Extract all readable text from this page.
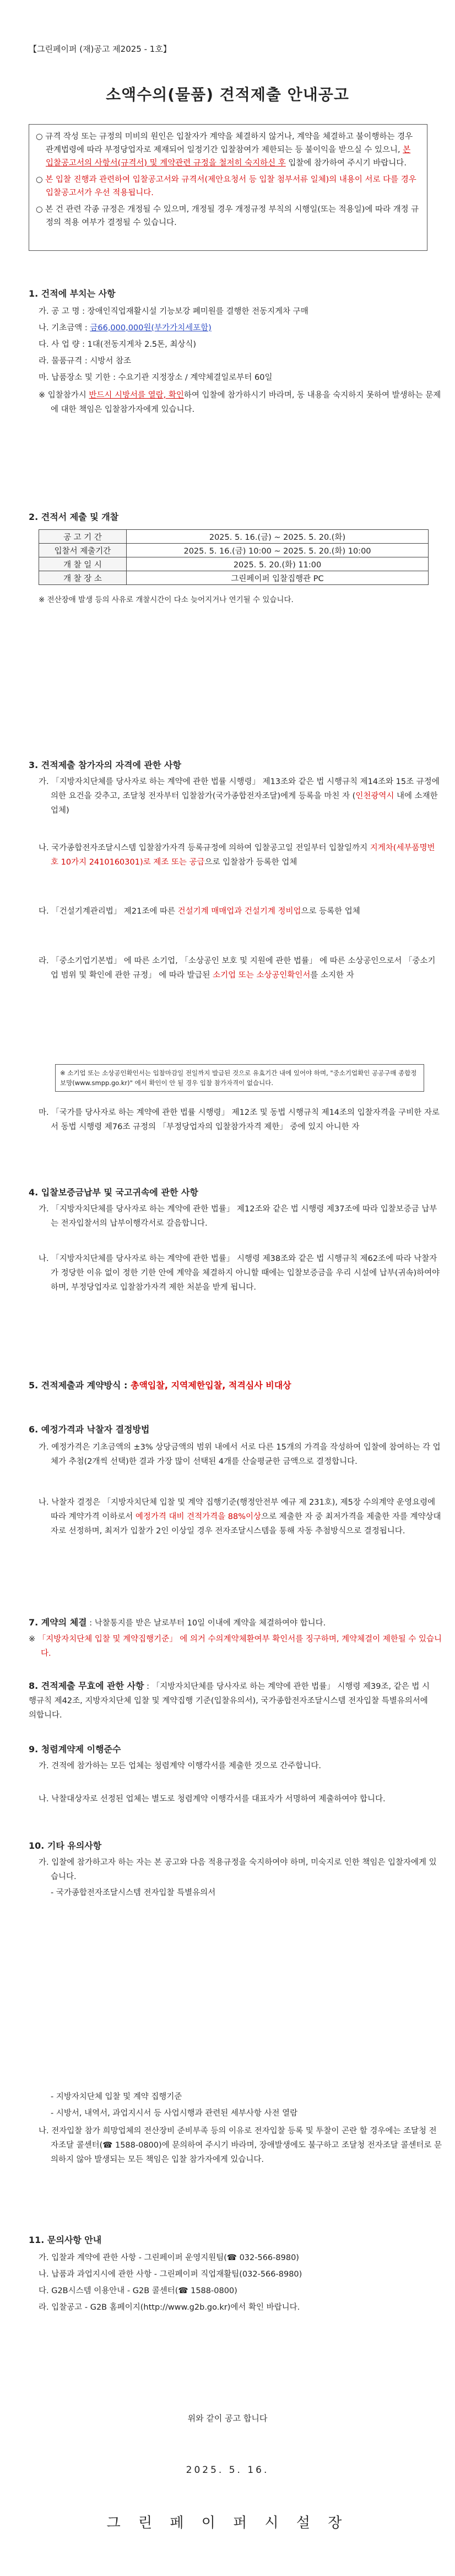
【그린페이퍼 (재)공고 제2025 - 1호】
소액수의(물품) 견적제출 안내공고

○ 규격 작성 또는 규정의 미비의 원인은 입찰자가 계약을 체결하지 않거나, 계약을 체결하고 불이행하는 경우 관계법령에 따라 부정당업자로 제재되어 일정기간 입찰참여가 제한되는 등 불이익을 받으실 수 있으니, 본 입찰공고서의 사항서(규격서) 및 계약관련 규정을 철저히 숙지하신 후 입찰에 참가하여 주시기 바랍니다.

○ 본 입찰 진행과 관련하여 입찰공고서와 규격서(제안요청서 등 입찰 첨부서류 일체)의 내용이 서로 다를 경우 입찰공고서가 우선 적용됩니다.

○ 본 건 관련 각종 규정은 개정될 수 있으며, 개정될 경우 개정규정 부칙의 시행일(또는 적용일)에 따라 개정 규정의 적용 여부가 결정될 수 있습니다.

1. 건적에 부치는 사항
가. 공 고 명 : 장애인직업재활시설 기능보강 폐미원를 결행한 전동지게차 구매
나. 기초금액 : 금66,000,000원(부가가치세포함)
다. 사 업 량 : 1대(전동지게차 2.5톤, 최상식)
라. 물품규격 : 시방서 참조
마. 납품장소 및 기한 : 수요기관 지정장소 / 계약체결일로부터 60일
※ 입찰참가시 반드시 시방서를 열람, 확인하여 입찰에 참가하시기 바라며, 동 내용을 숙지하지 못하여 발생하는 문제에 대한 책임은 입찰참가자에게 있습니다.
2. 견적서 제출 및 개찰
공 고 기 간	2025. 5. 16.(금) ~ 2025. 5. 20.(화)
입찰서 제출기간	2025. 5. 16.(금) 10:00 ~ 2025. 5. 20.(화) 10:00
개 찰 일 시	2025. 5. 20.(화) 11:00
개 찰 장 소	그린페이퍼 입찰집행관 PC
※ 전산장애 발생 등의 사유로 개찰시간이 다소 늦어지거나 연기될 수 있습니다.
3. 견적제출 참가자의 자격에 관한 사항
가. 「지방자치단체를 당사자로 하는 계약에 관한 법률 시행령」 제13조와 같은 법 시행규칙 제14조와 15조 규정에 의한 요건을 갖추고, 조달청 전자부터 입찰참가(국가종합전자조달)에게 등록을 마친 자 (인천광역시 내에 소재한 업체)
나. 국가종합전자조달시스템 입찰참가자격 등록규정에 의하여 입찰공고일 전일부터 입찰일까지 지게차(세부품명번호 10가지 2410160301)로 제조 또는 공급으로 입찰참가 등록한 업체
다. 「건설기계관리법」 제21조에 따른 건설기계 매매업과 건설기계 정비업으로 등록한 업체
라. 「중소기업기본법」 에 따른 소기업, 「소상공인 보호 및 지원에 관한 법률」 에 따른 소상공인으로서 「중소기업 범위 및 확인에 관한 규정」 에 따라 발급된 소기업 또는 소상공인확인서를 소지한 자
※ 소기업 또는 소상공인확인서는 입찰마감일 전일까지 발급된 것으로 유효기간 내에 있어야 하며, "중소기업확인 공공구매 종합정보망(www.smpp.go.kr)" 에서 확인이 안 될 경우 입찰 참가자격이 없습니다.
마. 「국가를 당사자로 하는 계약에 관한 법률 시행령」 제12조 및 동법 시행규칙 제14조의 입찰자격을 구비한 자로서 동법 시행령 제76조 규정의 「부정당업자의 입찰참가자격 제한」 중에 있지 아니한 자
4. 입찰보증금납부 및 국고귀속에 관한 사항
가. 「지방자치단체를 당사자로 하는 계약에 관한 법률」 제12조와 같은 법 시행령 제37조에 따라 입찰보증금 납부는 전자입찰서의 납부이행각서로 갈음합니다.
나. 「지방자치단체를 당사자로 하는 계약에 관한 법률」 시행령 제38조와 같은 법 시행규칙 제62조에 따라 낙찰자가 정당한 이유 없이 정한 기한 안에 계약을 체결하지 아니할 때에는 입찰보증금을 우리 시설에 납부(귀속)하여야 하며, 부정당업자로 입찰참가자격 제한 처분을 받게 됩니다.
5. 견적제출과 계약방식 : 총액입찰, 지역제한입찰, 적격심사 비대상
6. 예정가격과 낙찰자 결정방법
가. 예정가격은 기초금액의 ±3% 상당금액의 범위 내에서 서로 다른 15개의 가격을 작성하여 입찰에 참여하는 각 업체가 추첨(2개씩 선택)한 결과 가장 많이 선택된 4개를 산술평균한 금액으로 결정합니다.
나. 낙찰자 결정은 「지방자치단체 입찰 및 계약 집행기준(행정안전부 예규 제 231호), 제5장 수의계약 운영요령에 따라 계약가격 이하로서 예정가격 대비 견적가격을 88%이상으로 제출한 자 중 최저가격을 제출한 자를 계약상대자로 선정하며, 최저가 입찰가 2인 이상일 경우 전자조달시스템을 통해 자동 추첨방식으로 결정됩니다.
7. 계약의 체결 : 낙찰통지를 받은 날로부터 10일 이내에 계약을 체결하여야 합니다.
※ 「지방자치단체 입찰 및 계약집행기준」 에 의거 수의계약체환여부 확인서를 징구하며, 계약체결이 제한될 수 있습니다.
8. 견적제출 무효에 관한 사항 : 「지방자치단체를 당사자로 하는 계약에 관한 법률」 시행령 제39조, 같은 법 시행규칙 제42조, 지방자치단체 입찰 및 계약집행 기준(입찰유의서), 국가종합전자조달시스템 전자입찰 특별유의서에 의합니다.
9. 청렴계약제 이행준수
가. 견적에 참가하는 모든 업체는 청렴계약 이행각서를 제출한 것으로 간주합니다.
나. 낙찰대상자로 선정된 업체는 별도로 청렴계약 이행각서를 대표자가 서명하여 제출하여야 합니다.
10. 기타 유의사항
가. 입찰에 참가하고자 하는 자는 본 공고와 다음 적용규정을 숙지하여야 하며, 미숙지로 인한 책임은 입찰자에게 있습니다.
- 국가종합전자조달시스템 전자입찰 특별유의서
- 지방자치단체 입찰 및 계약 집행기준
- 시방서, 내역서, 과업지시서 등 사업시행과 관련된 세부사항 사전 열람
나. 전자입찰 참가 희망업체의 전산장비 준비부족 등의 이유로 전자입찰 등록 및 투찰이 곤란 할 경우에는 조달청 전자조달 콜센터(☎ 1588-0800)에 문의하여 주시기 바라며, 장애발생에도 불구하고 조달청 전자조달 콜센터로 문의하지 않아 발생되는 모든 책임은 입찰 참가자에게 있습니다.
11. 문의사항 안내
가. 입찰과 계약에 관한 사항 - 그린페이퍼 운영지원팀(☎ 032-566-8980)
나. 납품과 과업지시에 관한 사항 - 그린페이퍼 직업재활팀(032-566-8980)
다. G2B시스템 이용안내 - G2B 콜센터(☎ 1588-0800)
라. 입찰공고 - G2B 홈페이지(http://www.g2b.go.kr)에서 확인 바랍니다.
위와 같이 공고 합니다
2025. 5. 16.
그 린 페 이 퍼 시 설 장
